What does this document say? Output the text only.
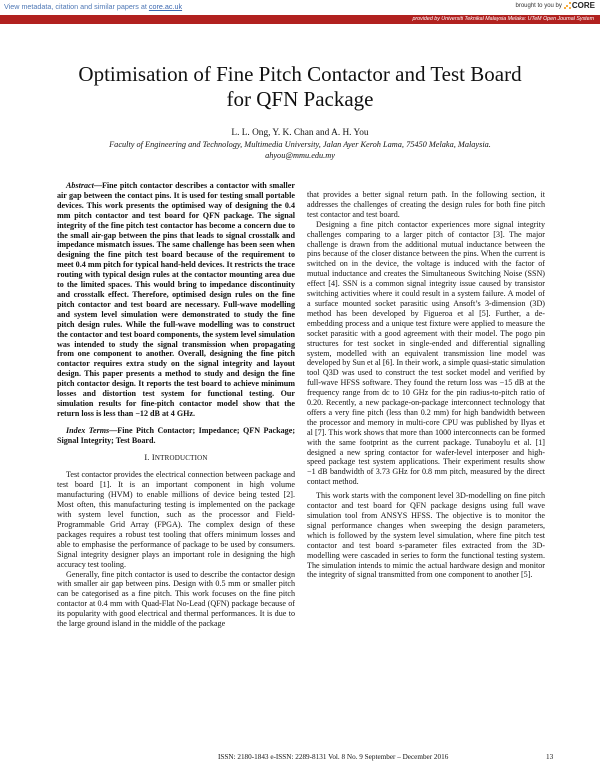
View metadata, citation and similar papers at core.ac.uk	brought to you by CORE
provided by Universiti Teknikal Malaysia Melaka: UTeM Open Journal System
Optimisation of Fine Pitch Contactor and Test Board
for QFN Package
L. L. Ong, Y. K. Chan and A. H. You
Faculty of Engineering and Technology, Multimedia University, Jalan Ayer Keroh Lama, 75450 Melaka, Malaysia.
ahyou@mmu.edu.my

Abstract—Fine pitch contactor describes a contactor with smaller air gap between the contact pins. It is used for testing small portable devices. This work presents the optimised way of designing the 0.4 mm pitch contactor and test board for QFN package. The signal integrity of the fine pitch test contactor has become a concern due to the small air-gap between the pins that leads to signal crosstalk and impedance mismatch issues. The same challenge has been seen when designing the fine pitch test board because of the requirement to meet 0.4 mm pitch for typical hand-held devices. It restricts the trace routing with typical design rules at the contactor mounting area due to the limited spaces. This would bring to impedance discontinuity and crosstalk effect. Therefore, optimised design rules on the fine pitch contactor and test board are necessary. Full-wave modelling and system level simulation were demonstrated to study the fine pitch design rules. While the full-wave modelling was to construct the contactor and test board components, the system level simulation was intended to study the signal transmission when propagating from one component to another. Overall, designing the fine pitch contactor requires extra study on the signal integrity and layout design. This paper presents a method to study and design the fine pitch contactor design. It reports the test board to achieve minimum losses and distortion test system for functional testing. Our simulation results for fine-pitch contactor model show that the return loss is less than −12 dB at 4 GHz.

Index Terms—Fine Pitch Contactor; Impedance; QFN Package; Signal Integrity; Test Board.

I. INTRODUCTION

Test contactor provides the electrical connection between package and test board [1]. It is an important component in high volume manufacturing (HVM) to enable millions of device being tested [2]. Most often, this manufacturing testing is implemented on the package with system level function, such as the processor and Field-Programmable Grid Array (FPGA). The complex design of these packages requires a robust test tooling that offers minimum losses and able to emphasise the performance of package to be used by consumers. Signal integrity designer plays an important role in designing the high accuracy test tooling.

Generally, fine pitch contactor is used to describe the contactor design with smaller air gap between pins. Design with 0.5 mm or smaller pitch can be categorised as a fine pitch. This work focuses on the fine pitch contactor at 0.4 mm with Quad-Flat No-Lead (QFN) package because of its popularity with good electrical and thermal performances. It is due to the large ground island in the middle of the package

that provides a better signal return path. In the following section, it addresses the challenges of creating the design rules for both fine pitch test contactor and test board.

Designing a fine pitch contactor experiences more signal integrity challenges comparing to a larger pitch of contactor [3]. The major challenge is drawn from the additional mutual inductance between the pins because of the closer distance between the pins. When the current is switched on in the device, the voltage is induced with the factor of mutual inductance and creates the Simultaneous Switching Noise (SSN) effect [4]. SSN is a common signal integrity issue caused by transistor switching activities where it could result in a system failure. A model of a surface mounted socket parasitic using Ansoft’s 3-dimension (3D) method has been developed by Figueroa et al [5]. Further, a de-embedding process and a unique test fixture were applied to measure the socket parasitic with a good agreement with their model. The pogo pin structures for test socket in single-ended and differential signalling system, modelled with an equivalent transmission line model was developed by Sun et al [6]. In their work, a simple quasi-static simulation tool Q3D was used to construct the test socket model and verified by full-wave HFSS software. They found the return loss was −15 dB at the frequency range from dc to 10 GHz for the pin radius-to-pitch ratio of 0.20. Recently, a new package-on-package interconnect technology that offers a very fine pitch (less than 0.2 mm) for high bandwidth between the processor and memory in multi-core CPU was published by Ilyas et al [7]. This work shows that more than 1000 interconnects can be formed with the same footprint as the current package. Tunaboylu et al. [1] designed a new spring contactor for wafer-level interposer and high-speed package test system applications. Their experiment results show −1 dB bandwidth of 3.73 GHz for 0.8 mm pitch, measured by the direct contact method.

This work starts with the component level 3D-modelling on fine pitch contactor and test board for QFN package designs using full wave simulation tool from ANSYS HFSS. The objective is to monitor the signal performance changes when sweeping the design parameters, which is followed by the system level simulation, where fine pitch test contactor and test board s-parameter files extracted from the 3D-modelling were cascaded in series to form the functional testing system. The simulation intends to mimic the actual hardware design and monitor the integrity of signal transmitted from one component to another [5].

ISSN: 2180-1843 e-ISSN: 2289-8131 Vol. 8 No. 9 September – December 2016	13
